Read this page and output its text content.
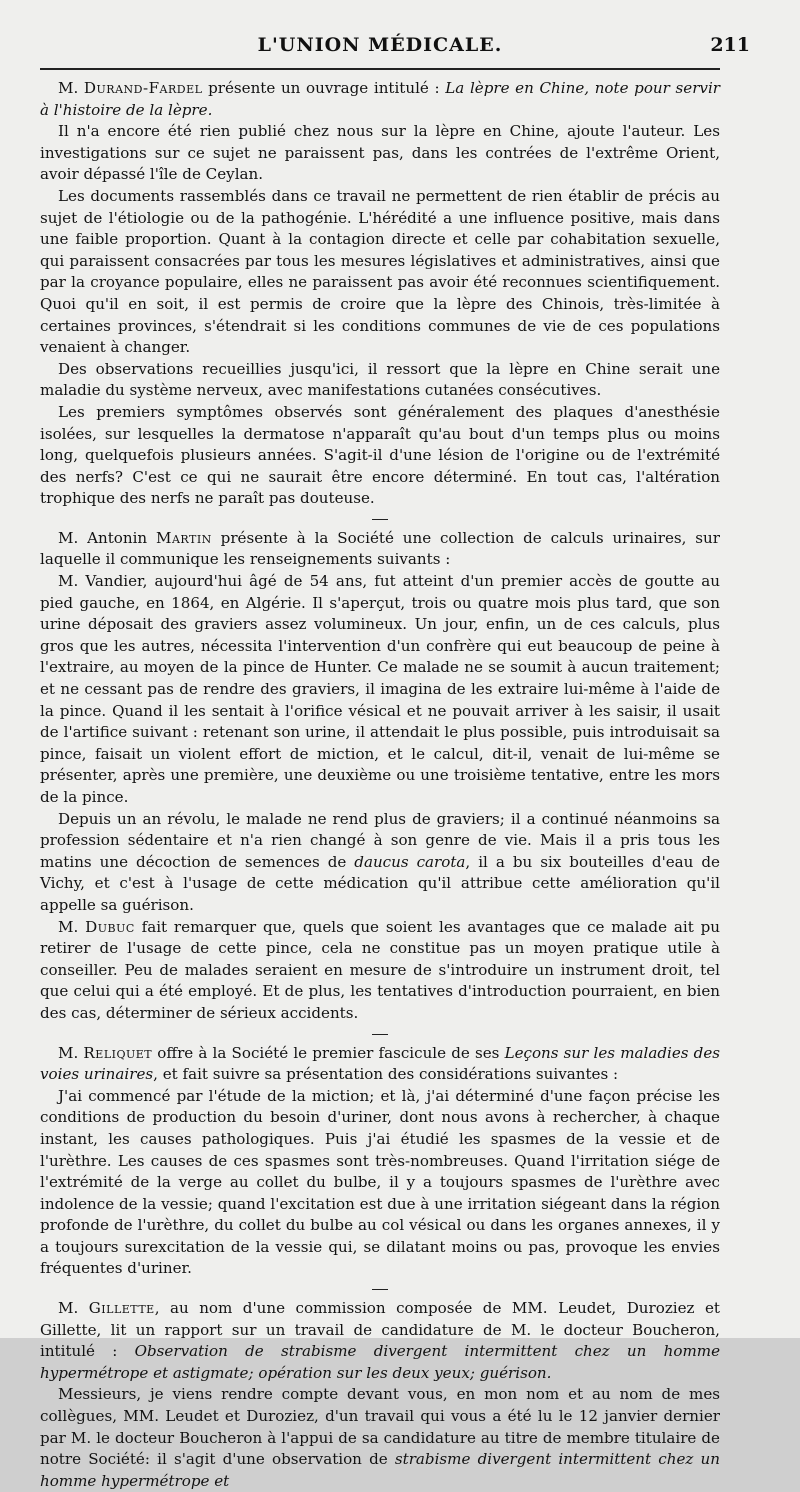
L'UNION MÉDICALE.	211

M. Durand-Fardel présente un ouvrage intitulé : La lèpre en Chine, note pour servir à l'histoire de la lèpre.

Il n'a encore été rien publié chez nous sur la lèpre en Chine, ajoute l'auteur. Les investigations sur ce sujet ne paraissent pas, dans les contrées de l'extrême Orient, avoir dépassé l'île de Ceylan.

Les documents rassemblés dans ce travail ne permettent de rien établir de précis au sujet de l'étiologie ou de la pathogénie. L'hérédité a une influence positive, mais dans une faible proportion. Quant à la contagion directe et celle par cohabitation sexuelle, qui paraissent consacrées par tous les mesures législatives et administratives, ainsi que par la croyance populaire, elles ne paraissent pas avoir été reconnues scientifiquement. Quoi qu'il en soit, il est permis de croire que la lèpre des Chinois, très-limitée à certaines provinces, s'étendrait si les conditions communes de vie de ces populations venaient à changer.

Des observations recueillies jusqu'ici, il ressort que la lèpre en Chine serait une maladie du système nerveux, avec manifestations cutanées consécutives.

Les premiers symptômes observés sont généralement des plaques d'anesthésie isolées, sur lesquelles la dermatose n'apparaît qu'au bout d'un temps plus ou moins long, quelquefois plusieurs années. S'agit-il d'une lésion de l'origine ou de l'extrémité des nerfs? C'est ce qui ne saurait être encore déterminé. En tout cas, l'altération trophique des nerfs ne paraît pas douteuse.

M. Antonin Martin présente à la Société une collection de calculs urinaires, sur laquelle il communique les renseignements suivants :

M. Vandier, aujourd'hui âgé de 54 ans, fut atteint d'un premier accès de goutte au pied gauche, en 1864, en Algérie. Il s'aperçut, trois ou quatre mois plus tard, que son urine déposait des graviers assez volumineux. Un jour, enfin, un de ces calculs, plus gros que les autres, nécessita l'intervention d'un confrère qui eut beaucoup de peine à l'extraire, au moyen de la pince de Hunter. Ce malade ne se soumit à aucun traitement; et ne cessant pas de rendre des graviers, il imagina de les extraire lui-même à l'aide de la pince. Quand il les sentait à l'orifice vésical et ne pouvait arriver à les saisir, il usait de l'artifice suivant : retenant son urine, il attendait le plus possible, puis introduisait sa pince, faisait un violent effort de miction, et le calcul, dit-il, venait de lui-même se présenter, après une première, une deuxième ou une troisième tentative, entre les mors de la pince.

Depuis un an révolu, le malade ne rend plus de graviers; il a continué néanmoins sa profession sédentaire et n'a rien changé à son genre de vie. Mais il a pris tous les matins une décoction de semences de daucus carota, il a bu six bouteilles d'eau de Vichy, et c'est à l'usage de cette médication qu'il attribue cette amélioration qu'il appelle sa guérison.

M. Dubuc fait remarquer que, quels que soient les avantages que ce malade ait pu retirer de l'usage de cette pince, cela ne constitue pas un moyen pratique utile à conseiller. Peu de malades seraient en mesure de s'introduire un instrument droit, tel que celui qui a été employé. Et de plus, les tentatives d'introduction pourraient, en bien des cas, déterminer de sérieux accidents.

M. Reliquet offre à la Société le premier fascicule de ses Leçons sur les maladies des voies urinaires, et fait suivre sa présentation des considérations suivantes :

J'ai commencé par l'étude de la miction; et là, j'ai déterminé d'une façon précise les conditions de production du besoin d'uriner, dont nous avons à rechercher, à chaque instant, les causes pathologiques. Puis j'ai étudié les spasmes de la vessie et de l'urèthre. Les causes de ces spasmes sont très-nombreuses. Quand l'irritation siége de l'extrémité de la verge au collet du bulbe, il y a toujours spasmes de l'urèthre avec indolence de la vessie; quand l'excitation est due à une irritation siégeant dans la région profonde de l'urèthre, du collet du bulbe au col vésical ou dans les organes annexes, il y a toujours surexcitation de la vessie qui, se dilatant moins ou pas, provoque les envies fréquentes d'uriner.

M. Gillette, au nom d'une commission composée de MM. Leudet, Duroziez et Gillette, lit un rapport sur un travail de candidature de M. le docteur Boucheron, intitulé : Observation de strabisme divergent intermittent chez un homme hypermétrope et astigmate; opération sur les deux yeux; guérison.

Messieurs, je viens rendre compte devant vous, en mon nom et au nom de mes collègues, MM. Leudet et Duroziez, d'un travail qui vous a été lu le 12 janvier dernier par M. le docteur Boucheron à l'appui de sa candidature au titre de membre titulaire de notre Société: il s'agit d'une observation de strabisme divergent intermittent chez un homme hypermétrope et
